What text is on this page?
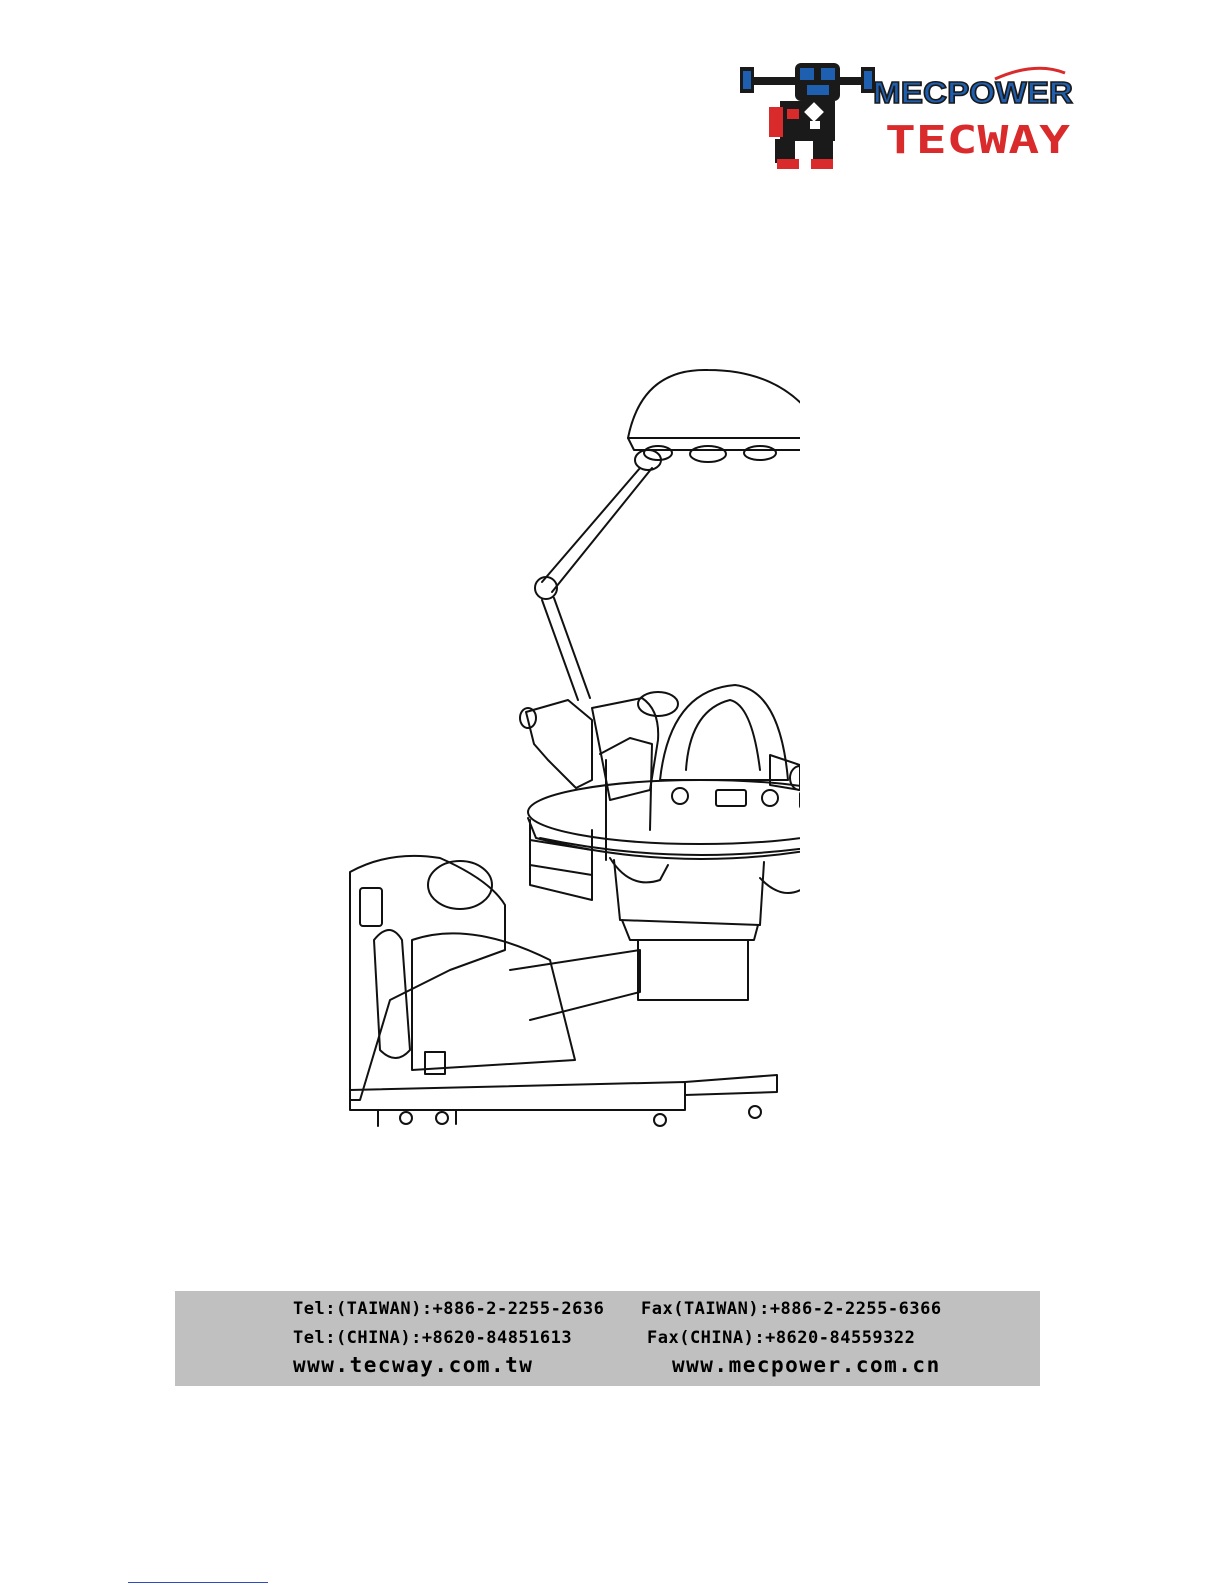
MECPOWER
TECWAY
Tel:(TAIWAN):+886-2-2255-2636 Fax(TAIWAN):+886-2-2255-6366
Tel:(CHINA):+8620-84851613	Fax(CHINA):+8620-84559322
www.tecway.com.tw	www.mecpower.com.cn
